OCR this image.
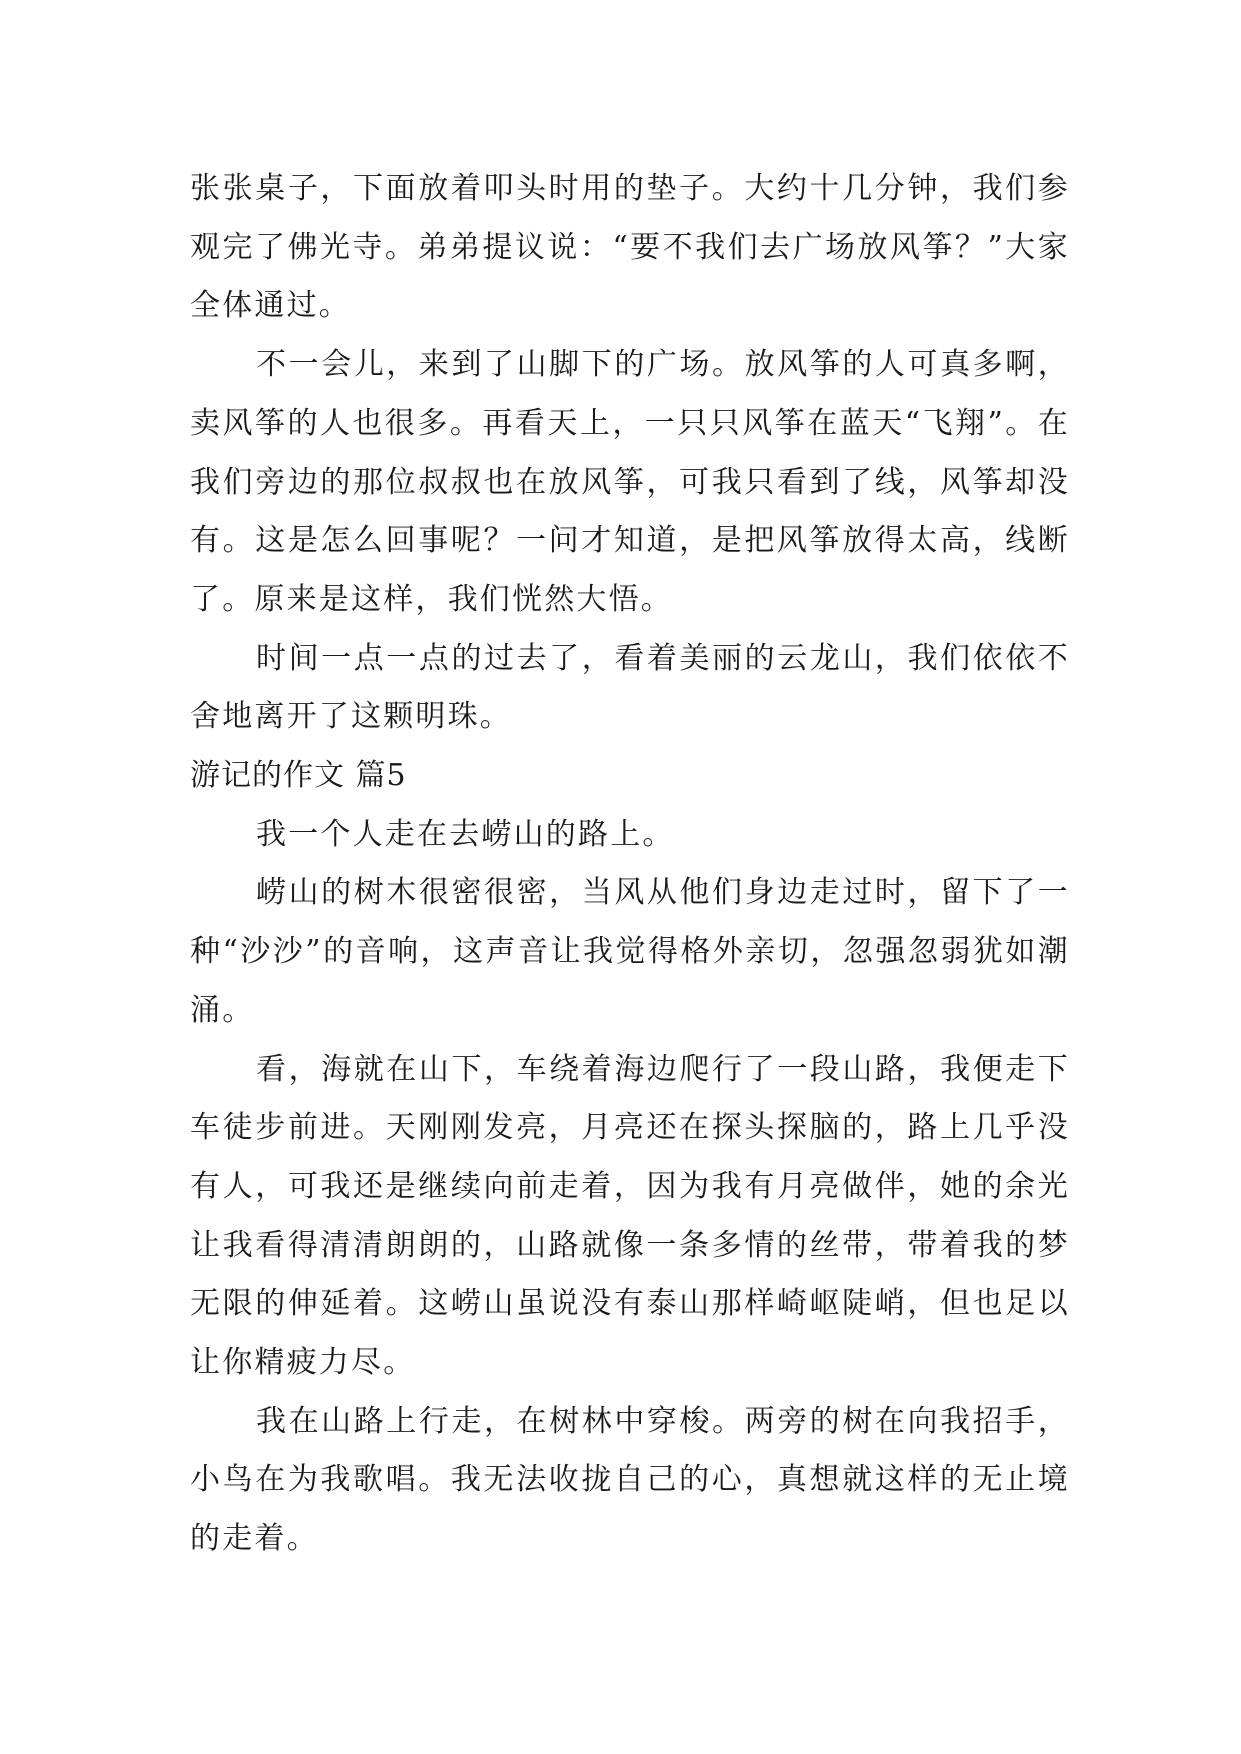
张张桌子，下面放着叩头时用的垫子。大约十几分钟，我们参观完了佛光寺。弟弟提议说：“要不我们去广场放风筝？”大家全体通过。

不一会儿，来到了山脚下的广场。放风筝的人可真多啊，卖风筝的人也很多。再看天上，一只只风筝在蓝天“飞翔”。在我们旁边的那位叔叔也在放风筝，可我只看到了线，风筝却没有。这是怎么回事呢？一问才知道，是把风筝放得太高，线断了。原来是这样，我们恍然大悟。

时间一点一点的过去了，看着美丽的云龙山，我们依依不舍地离开了这颗明珠。

游记的作文 篇5

我一个人走在去崂山的路上。

崂山的树木很密很密，当风从他们身边走过时，留下了一种“沙沙”的音响，这声音让我觉得格外亲切，忽强忽弱犹如潮涌。

看，海就在山下，车绕着海边爬行了一段山路，我便走下车徒步前进。天刚刚发亮，月亮还在探头探脑的，路上几乎没有人，可我还是继续向前走着，因为我有月亮做伴，她的余光让我看得清清朗朗的，山路就像一条多情的丝带，带着我的梦无限的伸延着。这崂山虽说没有泰山那样崎岖陡峭，但也足以让你精疲力尽。

我在山路上行走，在树林中穿梭。两旁的树在向我招手，小鸟在为我歌唱。我无法收拢自己的心，真想就这样的无止境的走着。
